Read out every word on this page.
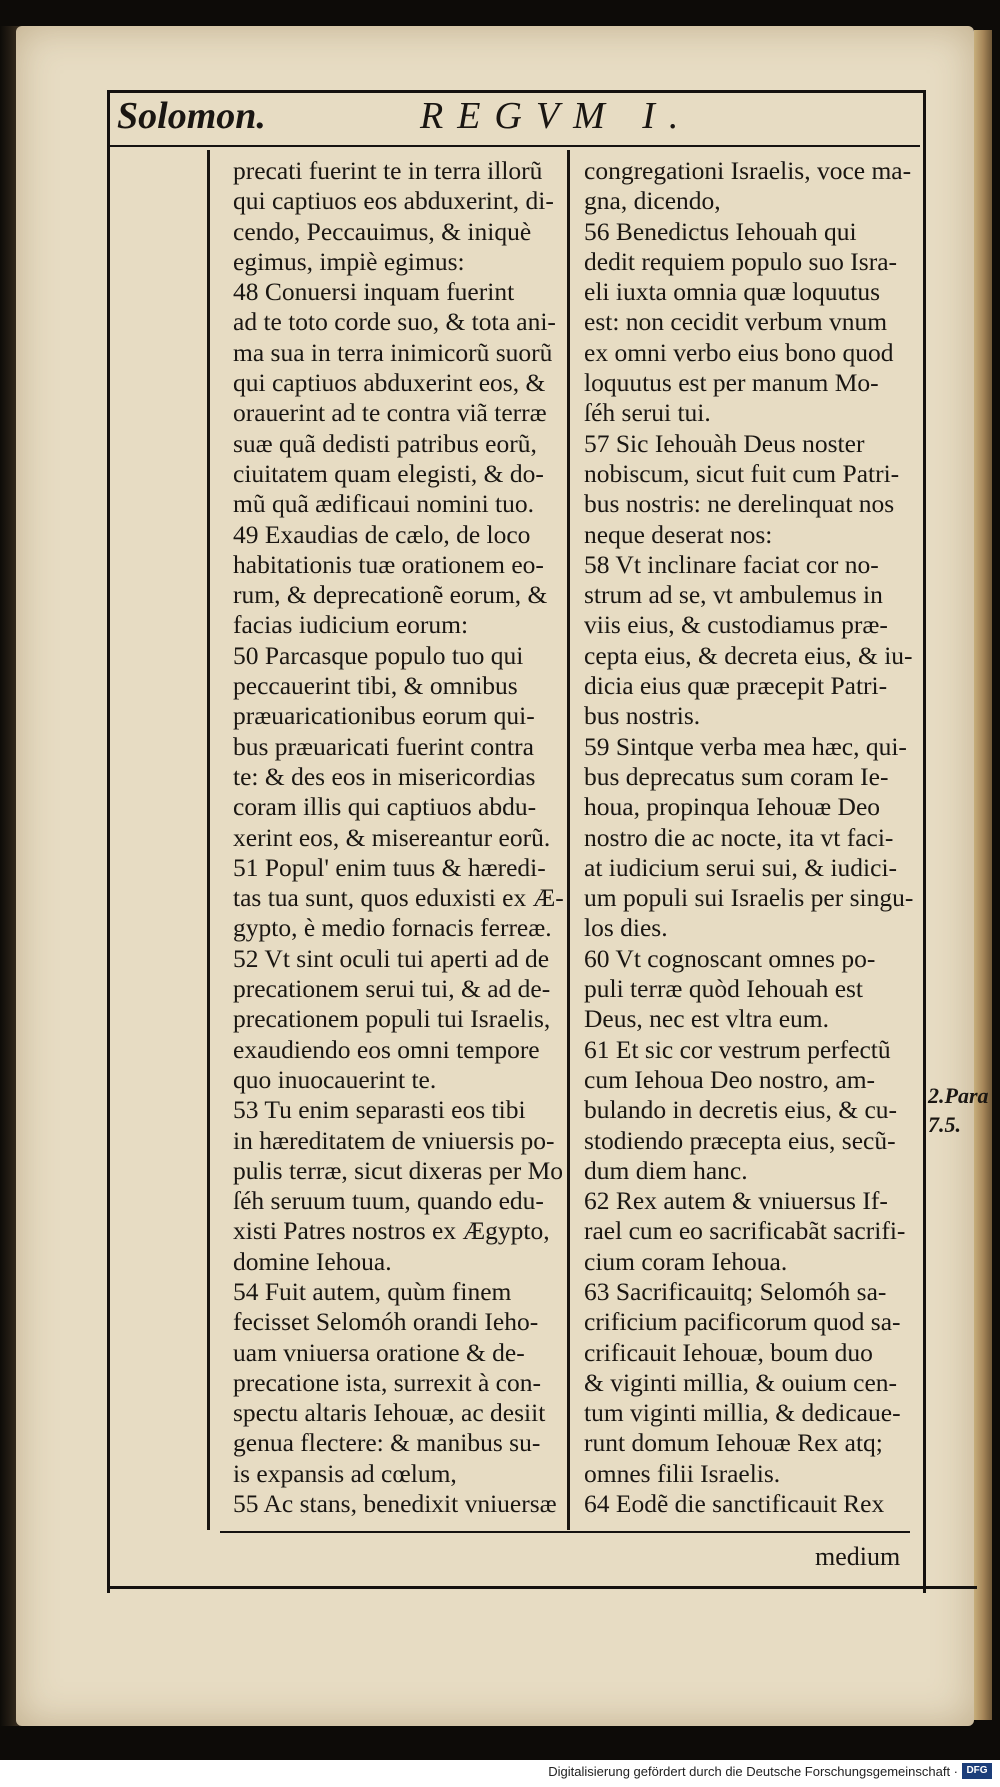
Solomon.	REGVM I.
precati fuerint te in terra illorũ
qui captiuos eos abduxerint, di-
cendo, Peccauimus, & iniquè
egimus, impiè egimus:
48 Conuersi inquam fuerint
ad te toto corde suo, & tota ani-
ma sua in terra inimicorũ suorũ
qui captiuos abduxerint eos, &
orauerint ad te contra viã terræ
suæ quã dedisti patribus eorũ,
ciuitatem quam elegisti, & do-
mũ quã ædificaui nomini tuo.
49 Exaudias de cælo, de loco
habitationis tuæ orationem eo-
rum, & deprecationẽ eorum, &
facias iudicium eorum:
50 Parcasque populo tuo qui
peccauerint tibi, & omnibus
præuaricationibus eorum qui-
bus præuaricati fuerint contra
te: & des eos in misericordias
coram illis qui captiuos abdu-
xerint eos, & misereantur eorũ.
51 Popul' enim tuus & hæredi-
tas tua sunt, quos eduxisti ex Æ-
gypto, è medio fornacis ferreæ.
52 Vt sint oculi tui aperti ad de
precationem serui tui, & ad de-
precationem populi tui Israelis,
exaudiendo eos omni tempore
quo inuocauerint te.
53 Tu enim separasti eos tibi
in hæreditatem de vniuersis po-
pulis terræ, sicut dixeras per Mo
ſéh seruum tuum, quando edu-
xisti Patres nostros ex Ægypto,
domine Iehoua.
54 Fuit autem, quùm finem
fecisset Selomóh orandi Ieho-
uam vniuersa oratione & de-
precatione ista, surrexit à con-
spectu altaris Iehouæ, ac desiit
genua flectere: & manibus su-
is expansis ad cœlum,
55 Ac stans, benedixit vniuersæ
congregationi Israelis, voce ma-
gna, dicendo,
56 Benedictus Iehouah qui
dedit requiem populo suo Isra-
eli iuxta omnia quæ loquutus
est: non cecidit verbum vnum
ex omni verbo eius bono quod
loquutus est per manum Mo-
ſéh serui tui.
57 Sic Iehouàh Deus noster
nobiscum, sicut fuit cum Patri-
bus nostris: ne derelinquat nos
neque deserat nos:
58 Vt inclinare faciat cor no-
strum ad se, vt ambulemus in
viis eius, & custodiamus præ-
cepta eius, & decreta eius, & iu-
dicia eius quæ præcepit Patri-
bus nostris.
59 Sintque verba mea hæc, qui-
bus deprecatus sum coram Ie-
houa, propinqua Iehouæ Deo
nostro die ac nocte, ita vt faci-
at iudicium serui sui, & iudici-
um populi sui Israelis per singu-
los dies.
60 Vt cognoscant omnes po-
puli terræ quòd Iehouah est
Deus, nec est vltra eum.
61 Et sic cor vestrum perfectũ
cum Iehoua Deo nostro, am-
bulando in decretis eius, & cu-
stodiendo præcepta eius, secũ-
dum diem hanc.
62 Rex autem & vniuersus If-
rael cum eo sacrificabãt sacrifi-
cium coram Iehoua.
63 Sacrificauitq; Selomóh sa-
crificium pacificorum quod sa-
crificauit Iehouæ, boum duo
& viginti millia, & ouium cen-
tum viginti millia, & dedicaue-
runt domum Iehouæ Rex atq;
omnes filii Israelis.
64 Eodẽ die sanctificauit Rex
2.Para
7.5.
medium
Digitalisierung gefördert durch die Deutsche Forschungsgemeinschaft · DFG
